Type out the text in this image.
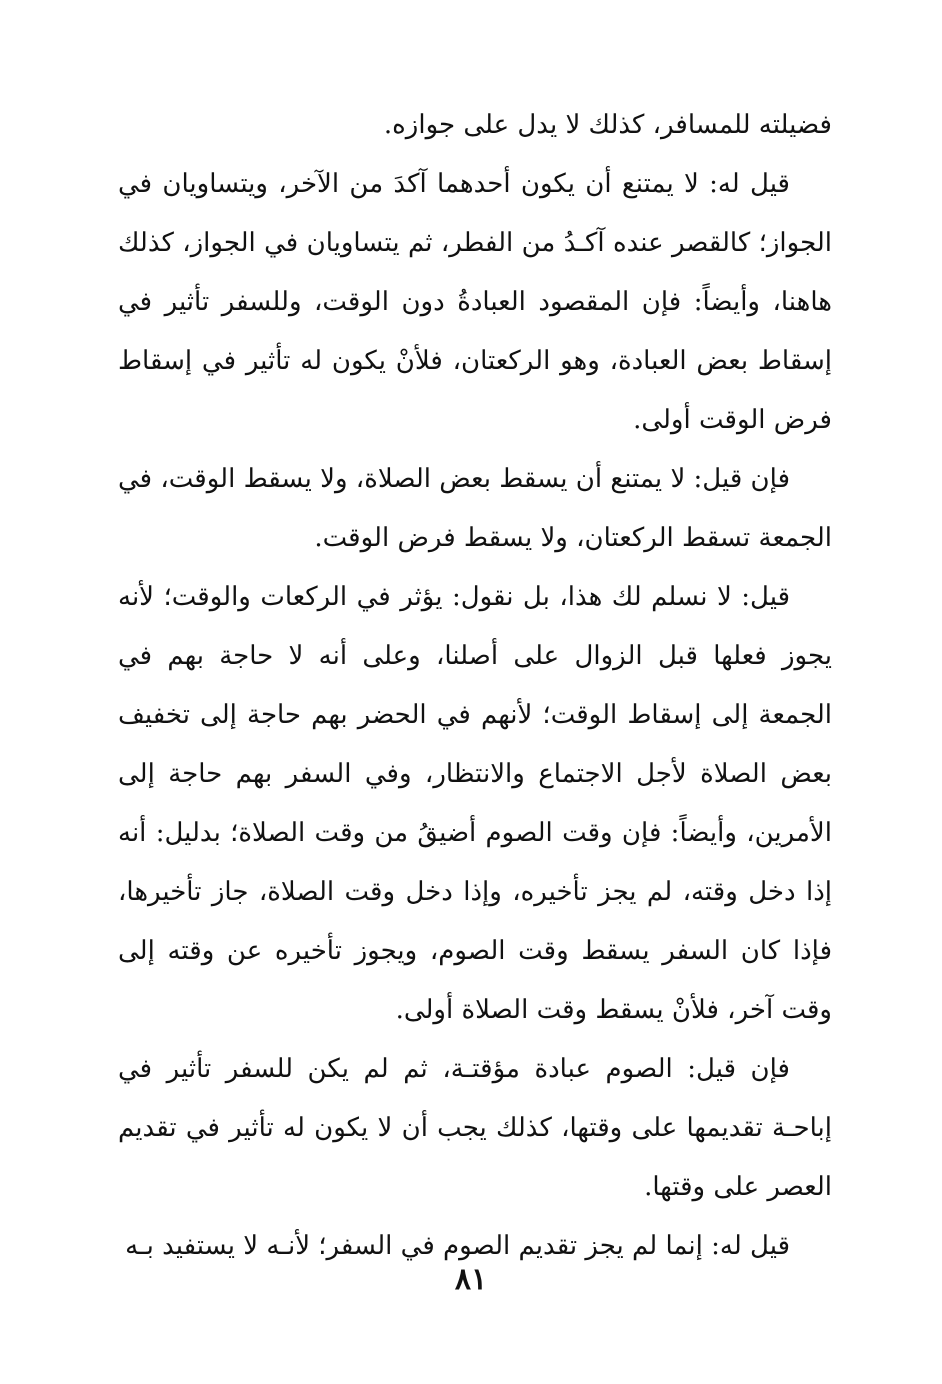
فضيلته للمسافر، كذلك لا يدل على جوازه.

قيل له: لا يمتنع أن يكون أحدهما آكدَ من الآخر، ويتساويان في الجواز؛ كالقصر عنده آكـدُ من الفطر، ثم يتساويان في الجواز، كذلك هاهنا، وأيضاً: فإن المقصود العبادةُ دون الوقت، وللسفر تأثير في إسقاط بعض العبادة، وهو الركعتان، فلأنْ يكون له تأثير في إسقاط فرض الوقت أولى.

فإن قيل: لا يمتنع أن يسقط بعض الصلاة، ولا يسقط الوقت، في الجمعة تسقط الركعتان، ولا يسقط فرض الوقت.

قيل: لا نسلم لك هذا، بل نقول: يؤثر في الركعات والوقت؛ لأنه يجوز فعلها قبل الزوال على أصلنا، وعلى أنه لا حاجة بهم في الجمعة إلى إسقاط الوقت؛ لأنهم في الحضر بهم حاجة إلى تخفيف بعض الصلاة لأجل الاجتماع والانتظار، وفي السفر بهم حاجة إلى الأمرين، وأيضاً: فإن وقت الصوم أضيقُ من وقت الصلاة؛ بدليل: أنه إذا دخل وقته، لم يجز تأخيره، وإذا دخل وقت الصلاة، جاز تأخيرها، فإذا كان السفر يسقط وقت الصوم، ويجوز تأخيره عن وقته إلى وقت آخر، فلأنْ يسقط وقت الصلاة أولى.

فإن قيل: الصوم عبادة مؤقتـة، ثم لم يكن للسفر تأثير في إباحـة تقديمها على وقتها، كذلك يجب أن لا يكون له تأثير في تقديم العصر على وقتها.

قيل له: إنما لم يجز تقديم الصوم في السفر؛ لأنـه لا يستفيد بـه

٨١
